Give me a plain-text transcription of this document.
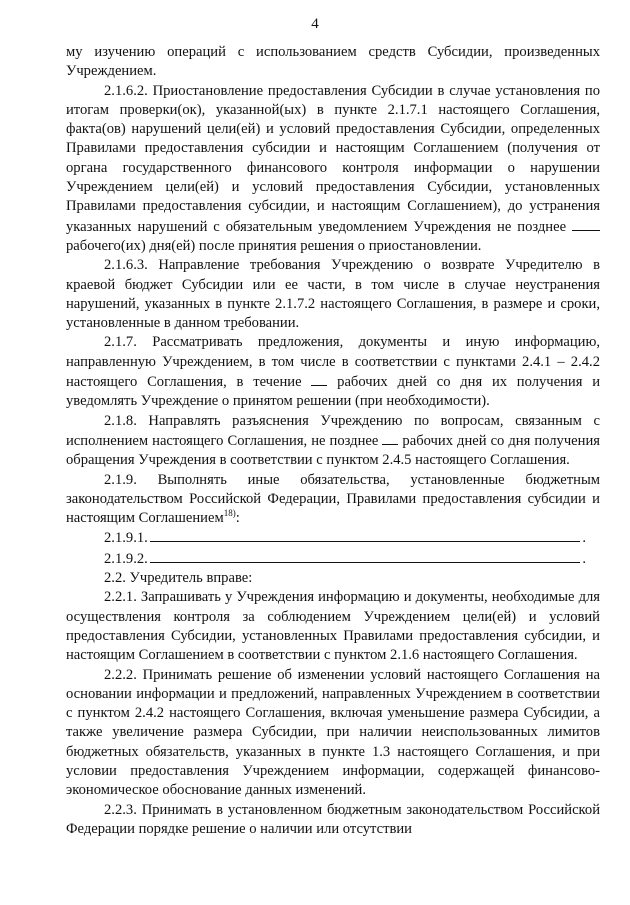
4

му изучению операций с использованием средств Субсидии, произведенных Учреждением.

2.1.6.2. Приостановление предоставления Субсидии в случае установления по итогам проверки(ок), указанной(ых) в пункте 2.1.7.1 настоящего Соглашения, факта(ов) нарушений цели(ей) и условий предоставления Субсидии, определенных Правилами предоставления субсидии и настоящим Соглашением (получения от органа государственного финансового контроля информации о нарушении Учреждением цели(ей) и условий предоставления Субсидии, установленных Правилами предоставления субсидии, и настоящим Соглашением), до устранения указанных нарушений с обязательным уведомлением Учреждения не позднее  рабочего(их) дня(ей) после принятия решения о приостановлении.

2.1.6.3. Направление требования Учреждению о возврате Учредителю в краевой бюджет Субсидии или ее части, в том числе в случае неустранения нарушений, указанных в пункте 2.1.7.2 настоящего Соглашения, в размере и сроки, установленные в данном требовании.

2.1.7. Рассматривать предложения, документы и иную информацию, направленную Учреждением, в том числе в соответствии с пунктами 2.4.1 – 2.4.2 настоящего Соглашения, в течение рабочих дней со дня их получения и уведомлять Учреждение о принятом решении (при необходимости).

2.1.8. Направлять разъяснения Учреждению по вопросам, связанным с исполнением настоящего Соглашения, не позднее рабочих дней со дня получения обращения Учреждения в соответствии с пунктом 2.4.5 настоящего Соглашения.

2.1.9. Выполнять иные обязательства, установленные бюджетным законодательством Российской Федерации, Правилами предоставления субсидии и настоящим Соглашением$^{18)}$:

2.1.9.1.	.
2.1.9.2.	.

2.2. Учредитель вправе:

2.2.1. Запрашивать у Учреждения информацию и документы, необходимые для осуществления контроля за соблюдением Учреждением цели(ей) и условий предоставления Субсидии, установленных Правилами предоставления субсидии, и настоящим Соглашением в соответствии с пунктом 2.1.6 настоящего Соглашения.

2.2.2. Принимать решение об изменении условий настоящего Соглашения на основании информации и предложений, направленных Учреждением в соответствии с пунктом 2.4.2 настоящего Соглашения, включая уменьшение размера Субсидии, а также увеличение размера Субсидии, при наличии неиспользованных лимитов бюджетных обязательств, указанных в пункте 1.3 настоящего Соглашения, и при условии предоставления Учреждением информации, содержащей финансово-экономическое обоснование данных изменений.

2.2.3. Принимать в установленном бюджетным законодательством Российской Федерации порядке решение о наличии или отсутствии
